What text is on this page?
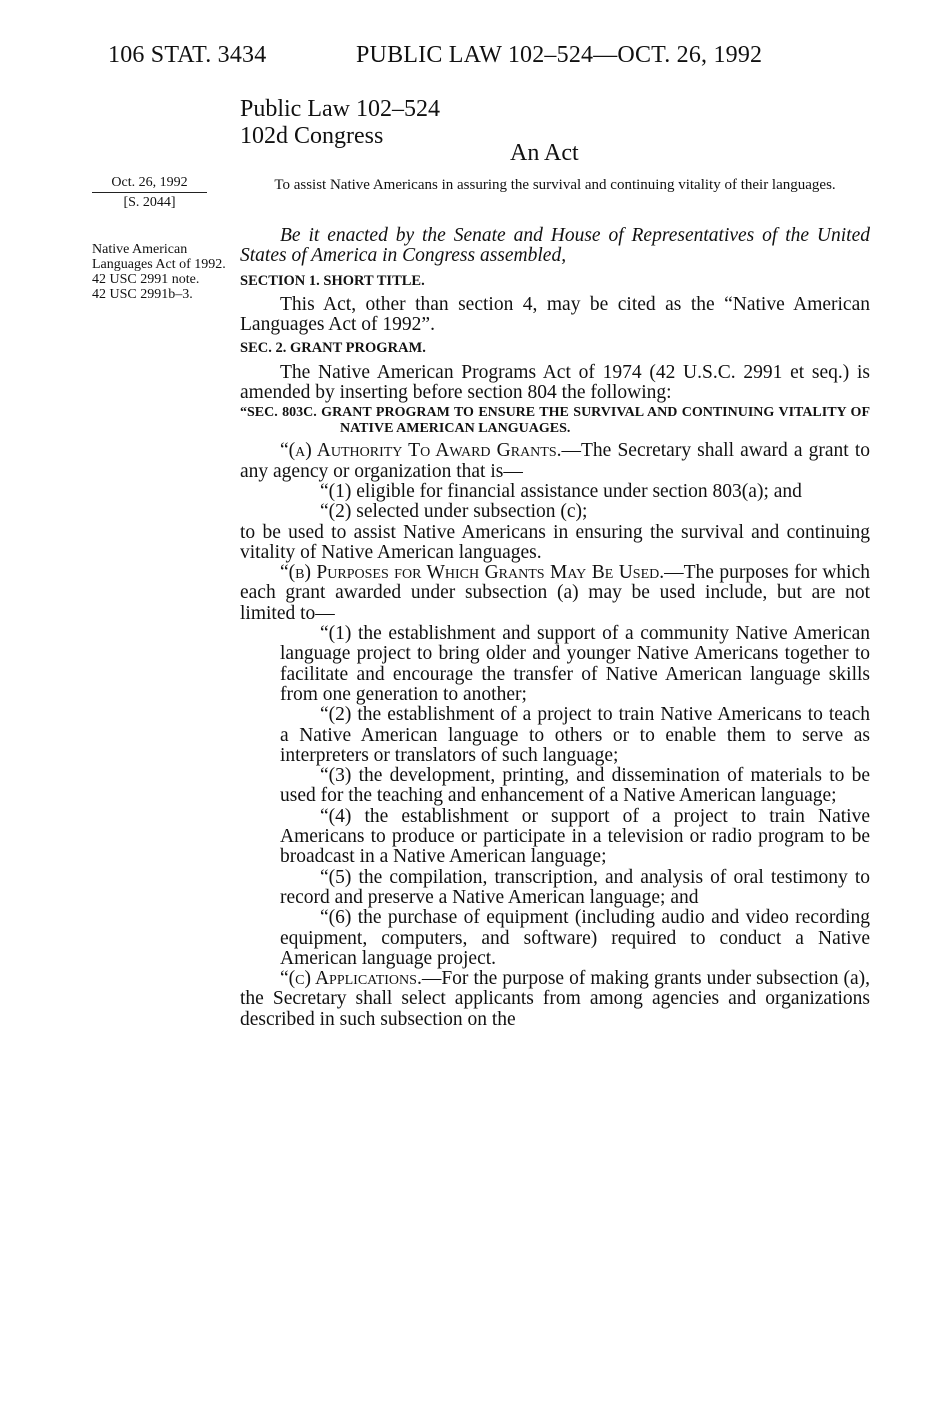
106 STAT. 3434	PUBLIC LAW 102–524—OCT. 26, 1992
Public Law 102–524
102d Congress
An Act
Oct. 26, 1992
[S. 2044]
Native American Languages Act of 1992.
42 USC 2991 note.
42 USC 2991b–3.
To assist Native Americans in assuring the survival and continuing vitality of their languages.

Be it enacted by the Senate and House of Representatives of the United States of America in Congress assembled,

SECTION 1. SHORT TITLE.

This Act, other than section 4, may be cited as the “Native American Languages Act of 1992”.

SEC. 2. GRANT PROGRAM.

The Native American Programs Act of 1974 (42 U.S.C. 2991 et seq.) is amended by inserting before section 804 the following:

“SEC. 803C. GRANT PROGRAM TO ENSURE THE SURVIVAL AND CONTINUING VITALITY OF NATIVE AMERICAN LANGUAGES.

“(a) Authority To Award Grants.—The Secretary shall award a grant to any agency or organization that is—

“(1) eligible for financial assistance under section 803(a); and

“(2) selected under subsection (c);

to be used to assist Native Americans in ensuring the survival and continuing vitality of Native American languages.

“(b) Purposes for Which Grants May Be Used.—The purposes for which each grant awarded under subsection (a) may be used include, but are not limited to—

“(1) the establishment and support of a community Native American language project to bring older and younger Native Americans together to facilitate and encourage the transfer of Native American language skills from one generation to another;

“(2) the establishment of a project to train Native Americans to teach a Native American language to others or to enable them to serve as interpreters or translators of such language;

“(3) the development, printing, and dissemination of materials to be used for the teaching and enhancement of a Native American language;

“(4) the establishment or support of a project to train Native Americans to produce or participate in a television or radio program to be broadcast in a Native American language;

“(5) the compilation, transcription, and analysis of oral testimony to record and preserve a Native American language; and

“(6) the purchase of equipment (including audio and video recording equipment, computers, and software) required to conduct a Native American language project.

“(c) Applications.—For the purpose of making grants under subsection (a), the Secretary shall select applicants from among agencies and organizations described in such subsection on the
